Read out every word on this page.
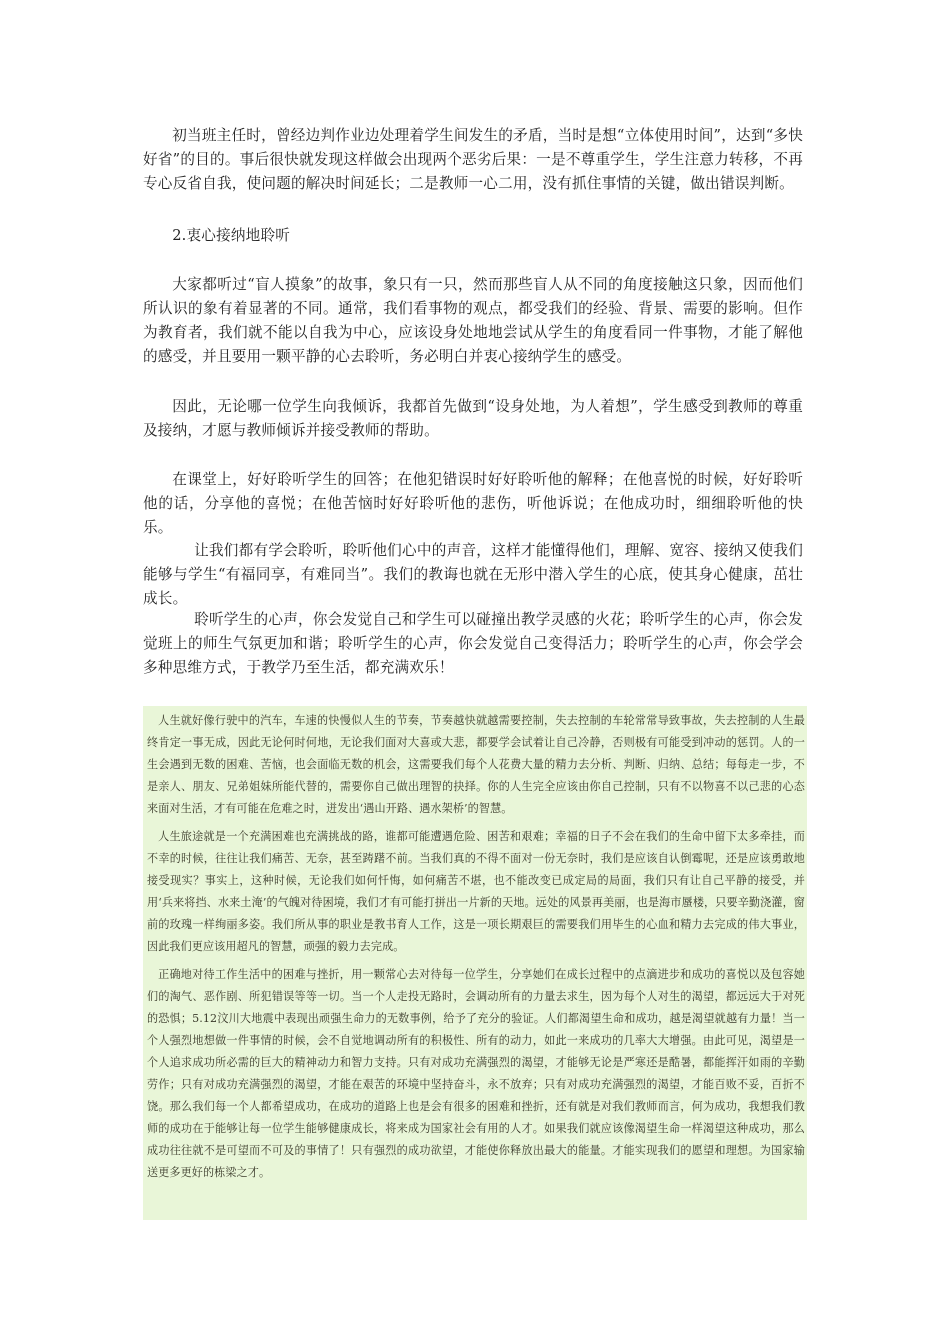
初当班主任时，曾经边判作业边处理着学生间发生的矛盾，当时是想“立体使用时间”，达到“多快好省”的目的。事后很快就发现这样做会出现两个恶劣后果：一是不尊重学生，学生注意力转移，不再专心反省自我，使问题的解决时间延长；二是教师一心二用，没有抓住事情的关键，做出错误判断。

2.衷心接纳地聆听

大家都听过“盲人摸象”的故事，象只有一只，然而那些盲人从不同的角度接触这只象，因而他们所认识的象有着显著的不同。通常，我们看事物的观点，都受我们的经验、背景、需要的影响。但作为教育者，我们就不能以自我为中心，应该设身处地地尝试从学生的角度看同一件事物，才能了解他的感受，并且要用一颗平静的心去聆听，务必明白并衷心接纳学生的感受。

因此，无论哪一位学生向我倾诉，我都首先做到“设身处地，为人着想”，学生感受到教师的尊重及接纳，才愿与教师倾诉并接受教师的帮助。

在课堂上，好好聆听学生的回答；在他犯错误时好好聆听他的解释；在他喜悦的时候，好好聆听他的话，分享他的喜悦；在他苦恼时好好聆听他的悲伤，听他诉说；在他成功时，细细聆听他的快乐。

让我们都有学会聆听，聆听他们心中的声音，这样才能懂得他们，理解、宽容、接纳又使我们能够与学生“有福同享，有难同当”。我们的教诲也就在无形中潜入学生的心底，使其身心健康，茁壮成长。

聆听学生的心声，你会发觉自己和学生可以碰撞出教学灵感的火花；聆听学生的心声，你会发觉班上的师生气氛更加和谐；聆听学生的心声，你会发觉自己变得活力；聆听学生的心声，你会学会多种思维方式，于教学乃至生活，都充满欢乐！

人生就好像行驶中的汽车，车速的快慢似人生的节奏，节奏越快就越需要控制，失去控制的车轮常常导致事故，失去控制的人生最终肯定一事无成，因此无论何时何地，无论我们面对大喜或大悲，都要学会试着让自己冷静，否则极有可能受到冲动的惩罚。人的一生会遇到无数的困难、苦恼，也会面临无数的机会，这需要我们每个人花费大量的精力去分析、判断、归纳、总结；每每走一步，不是亲人、朋友、兄弟姐妹所能代替的，需要你自己做出理智的抉择。你的人生完全应该由你自己控制，只有不以物喜不以己悲的心态来面对生活，才有可能在危难之时，迸发出‘遇山开路、遇水架桥’的智慧。

人生旅途就是一个充满困难也充满挑战的路，谁都可能遭遇危险、困苦和艰难；幸福的日子不会在我们的生命中留下太多牵挂，而不幸的时候，往往让我们痛苦、无奈，甚至踌躇不前。当我们真的不得不面对一份无奈时，我们是应该自认倒霉呢，还是应该勇敢地接受现实？事实上，这种时候，无论我们如何忏悔，如何痛苦不堪，也不能改变已成定局的局面，我们只有让自己平静的接受，并用‘兵来将挡、水来土淹’的气魄对待困境，我们才有可能打拼出一片新的天地。远处的风景再美丽，也是海市蜃楼，只要辛勤浇灌，窗前的玫瑰一样绚丽多姿。我们所从事的职业是教书育人工作，这是一项长期艰巨的需要我们用毕生的心血和精力去完成的伟大事业，因此我们更应该用超凡的智慧，顽强的毅力去完成。

正确地对待工作生活中的困难与挫折，用一颗常心去对待每一位学生，分享她们在成长过程中的点滴进步和成功的喜悦以及包容她们的淘气、恶作剧、所犯错误等等一切。当一个人走投无路时，会调动所有的力量去求生，因为每个人对生的渴望，都远远大于对死的恐惧；5.12汶川大地震中表现出顽强生命力的无数事例，给予了充分的验证。人们都渴望生命和成功，越是渴望就越有力量！当一个人强烈地想做一件事情的时候，会不自觉地调动所有的积极性、所有的动力，如此一来成功的几率大大增强。由此可见，渴望是一个人追求成功所必需的巨大的精神动力和智力支持。只有对成功充满强烈的渴望，才能够无论是严寒还是酷暑，都能挥汗如雨的辛勤劳作；只有对成功充满强烈的渴望，才能在艰苦的环境中坚持奋斗，永不放弃；只有对成功充满强烈的渴望，才能百败不妥，百折不饶。那么我们每一个人都希望成功，在成功的道路上也是会有很多的困难和挫折，还有就是对我们教师而言，何为成功，我想我们教师的成功在于能够让每一位学生能够健康成长，将来成为国家社会有用的人才。如果我们就应该像渴望生命一样渴望这种成功，那么成功往往就不是可望而不可及的事情了！只有强烈的成功欲望，才能使你释放出最大的能量。才能实现我们的愿望和理想。为国家输送更多更好的栋梁之才。
